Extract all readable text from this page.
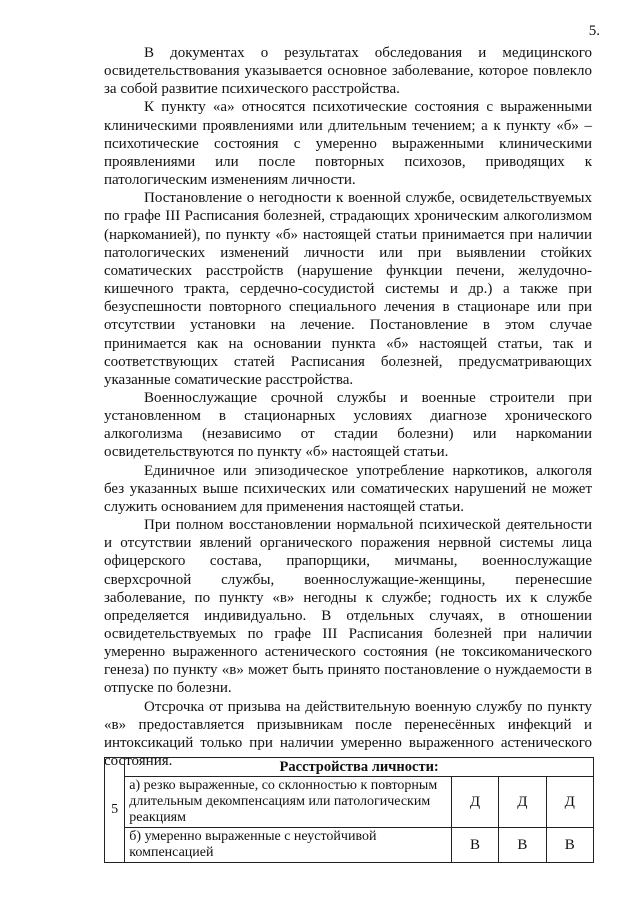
5.

В документах о результатах обследования и медицинского освидетельствования указывается основное заболевание, которое повлекло за собой развитие психического расстройства.

К пункту «а» относятся психотические состояния с выраженными клиническими проявлениями или длительным течением; а к пункту «б» – психотические состояния с умеренно выраженными клиническими проявлениями или после повторных психозов, приводящих к патологическим изменениям личности.

Постановление о негодности к военной службе, освидетельствуемых по графе III Расписания болезней, страдающих хроническим алкоголизмом (наркоманией), по пункту «б» настоящей статьи принимается при наличии патологических изменений личности или при выявлении стойких соматических расстройств (нарушение функции печени, желудочно-кишечного тракта, сердечно-сосудистой системы и др.) а также при безуспешности повторного специального лечения в стационаре или при отсутствии установки на лечение. Постановление в этом случае принимается как на основании пункта «б» настоящей статьи, так и соответствующих статей Расписания болезней, предусматривающих указанные соматические расстройства.

Военнослужащие срочной службы и военные строители при установленном в стационарных условиях диагнозе хронического алкоголизма (независимо от стадии болезни) или наркомании освидетельствуются по пункту «б» настоящей статьи.

Единичное или эпизодическое употребление наркотиков, алкоголя без указанных выше психических или соматических нарушений не может служить основанием для применения настоящей статьи.

При полном восстановлении нормальной психической деятельности и отсутствии явлений органического поражения нервной системы лица офицерского состава, прапорщики, мичманы, военнослужащие сверхсрочной службы, военнослужащие-женщины, перенесшие заболевание, по пункту «в» негодны к службе; годность их к службе определяется индивидуально. В отдельных случаях, в отношении освидетельствуемых по графе III Расписания болезней при наличии умеренно выраженного астенического состояния (не токсикоманического генеза) по пункту «в» может быть принято постановление о нуждаемости в отпуске по болезни.

Отсрочка от призыва на действительную военную службу по пункту «в» предоставляется призывникам после перенесённых инфекций и интоксикаций только при наличии умеренно выраженного астенического состояния.

5	Расстройства личности:			
	а) резко выраженные, со склонностью к повторным длительным декомпенсациям или патологическим реакциям	Д	Д	Д
	б) умеренно выраженные с неустойчивой компенсацией	В	В	В
